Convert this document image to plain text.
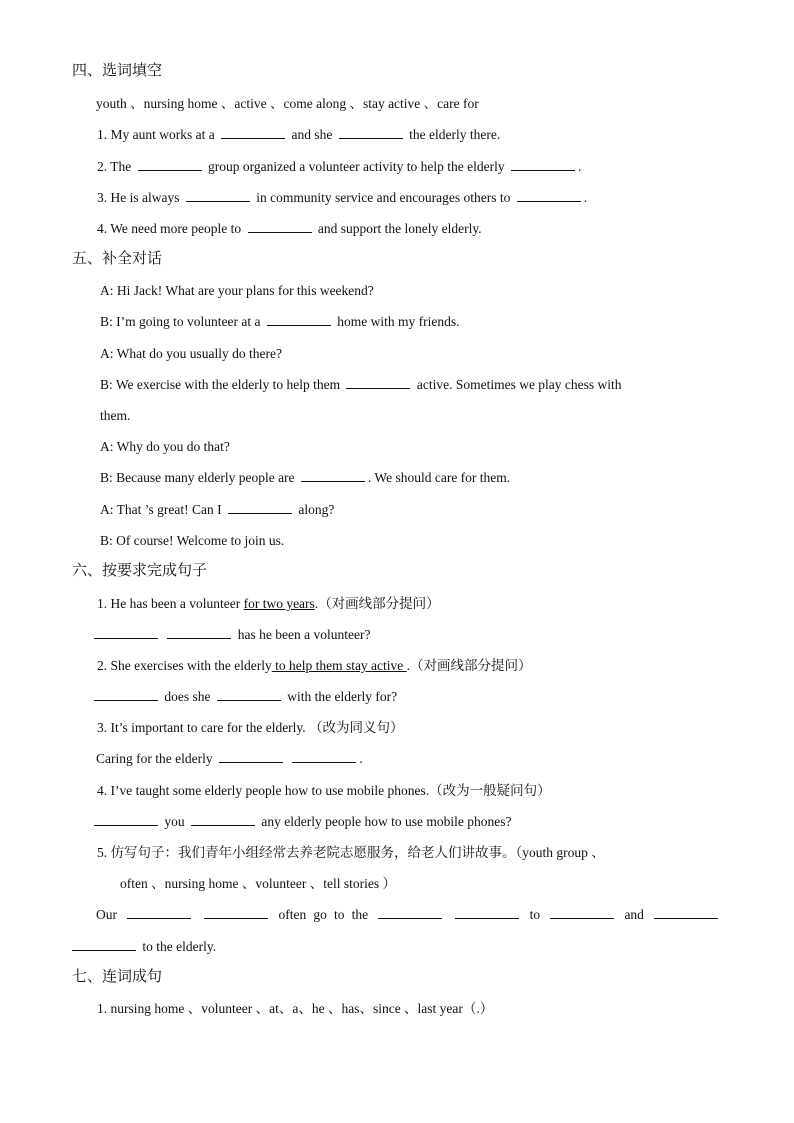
四、选词填空
youth 、nursing home 、active 、come along 、stay active 、care for
1. My aunt works at a	and she	the elderly there.
2. The	group organized a volunteer activity to help the elderly	.
3. He is always	in community service and encourages others to	.
4. We need more people to	and support the lonely elderly.
五、补全对话
A: Hi Jack! What are your plans for this weekend?
B: I’m going to volunteer at a	home with my friends.
A: What do you usually do there?
B: We exercise with the elderly to help them	active. Sometimes we play chess with
them.
A: Why do you do that?
B: Because many elderly people are	. We should care for them.
A: That ’s great! Can I	along?
B: Of course! Welcome to join us.
六、按要求完成句子
1. He has been a volunteer for two years.（对画线部分提问）
has he been a volunteer?
2. She exercises with the elderly to help them stay active .（对画线部分提问）
does she	with the elderly for?
3. It’s important to care for the elderly. （改为同义句）
Caring for the elderly	.
4. I’ve taught some elderly people how to use mobile phones.（改为一般疑问句）
you	any elderly people how to use mobile phones?
5. 仿写句子：我们青年小组经常去养老院志愿服务，给老人们讲故事。（youth group 、
often 、nursing home 、volunteer 、tell stories ）
Our	often go to the	to	and
to the elderly.
七、连词成句
1. nursing home 、volunteer 、at、a、he 、has、since 、last year（.）
